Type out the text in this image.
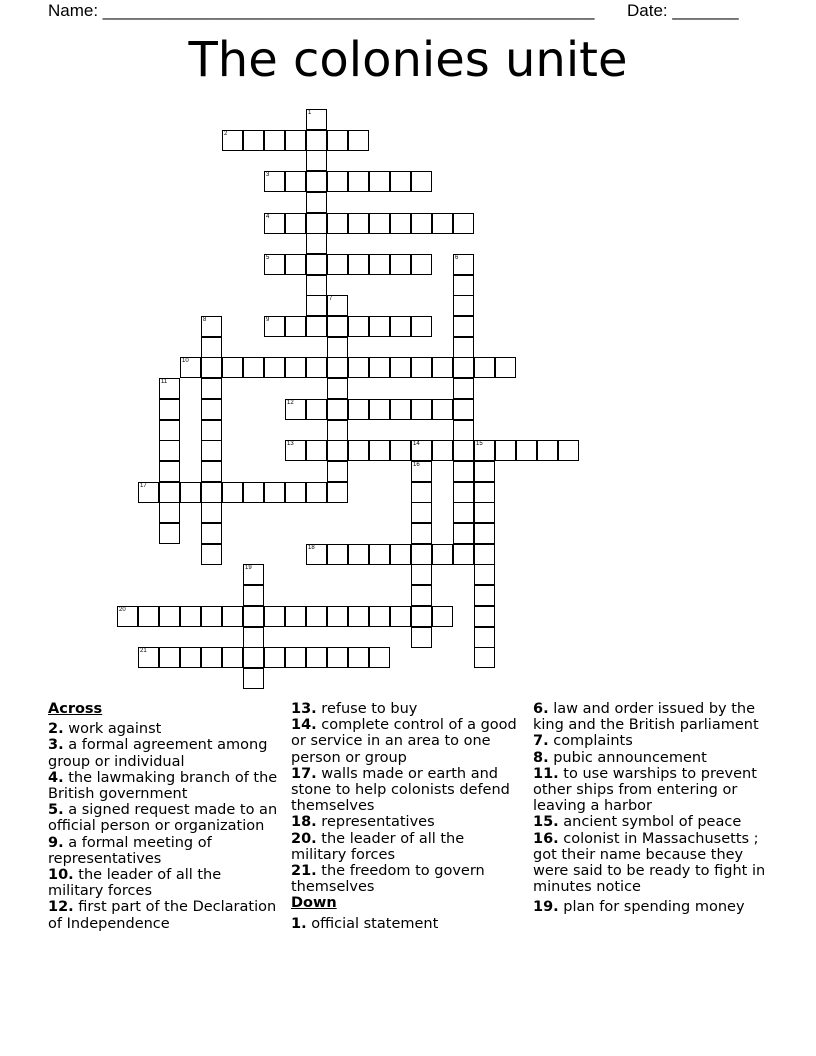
Name: ____________________________________________________ Date: _______
The colonies unite
1
2
3
4
5	6
7
8	9
10
11
12
13	14	15
16
17
18
19
20
21
Across
2. work against
3. a formal agreement among group or individual
4. the lawmaking branch of the British government
5. a signed request made to an official person or organization
9. a formal meeting of representatives
10. the leader of all the military forces
12. first part of the Declaration of Independence
13. refuse to buy
14. complete control of a good or service in an area to one person or group
17. walls made or earth and stone to help colonists defend themselves
18. representatives
20. the leader of all the military forces
21. the freedom to govern themselves
Down
1. official statement
6. law and order issued by the king and the British parliament
7. complaints
8. pubic announcement
11. to use warships to prevent other ships from entering or leaving a harbor
15. ancient symbol of peace
16. colonist in Massachusetts ; got their name because they were said to be ready to fight in minutes notice
19. plan for spending money
